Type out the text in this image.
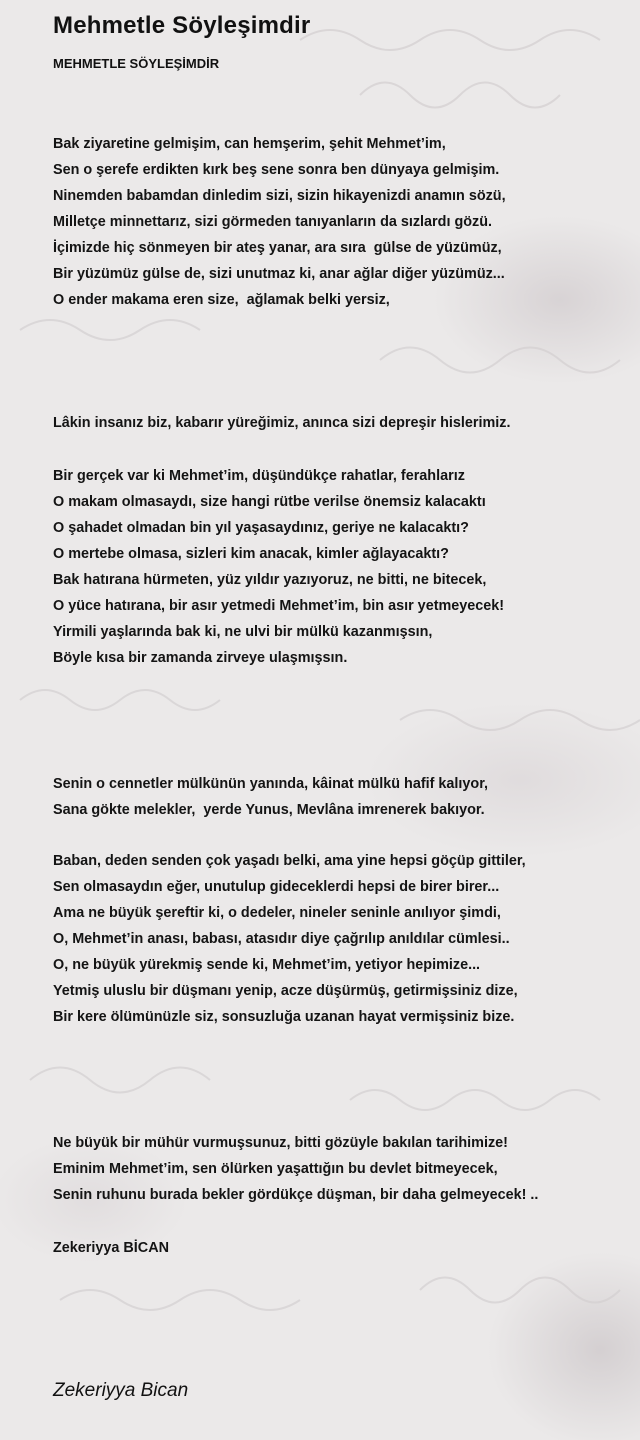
Mehmetle Söyleşimdir
MEHMETLE SÖYLEŞİMDİR
Bak ziyaretine gelmişim, can hemşerim, şehit Mehmet’im,
Sen o şerefe erdikten kırk beş sene sonra ben dünyaya gelmişim.
Ninemden babamdan dinledim sizi, sizin hikayenizdi anamın sözü,
Milletçe minnettarız, sizi görmeden tanıyanların da sızlardı gözü.
İçimizde hiç sönmeyen bir ateş yanar, ara sıra  gülse de yüzümüz,
Bir yüzümüz gülse de, sizi unutmaz ki, anar ağlar diğer yüzümüz...
O ender makama eren size,  ağlamak belki yersiz,
Lâkin insanız biz, kabarır yüreğimiz, anınca sizi depreşir hislerimiz.
Bir gerçek var ki Mehmet’im, düşündükçe rahatlar, ferahlarız
O makam olmasaydı, size hangi rütbe verilse önemsiz kalacaktı
O şahadet olmadan bin yıl yaşasaydınız, geriye ne kalacaktı?
O mertebe olmasa, sizleri kim anacak, kimler ağlayacaktı?
Bak hatırana hürmeten, yüz yıldır yazıyoruz, ne bitti, ne bitecek,
O yüce hatırana, bir asır yetmedi Mehmet’im, bin asır yetmeyecek!
Yirmili yaşlarında bak ki, ne ulvi bir mülkü kazanmışsın,
Böyle kısa bir zamanda zirveye ulaşmışsın.
Senin o cennetler mülkünün yanında, kâinat mülkü hafif kalıyor,
Sana gökte melekler,  yerde Yunus, Mevlâna imrenerek bakıyor.
Baban, deden senden çok yaşadı belki, ama yine hepsi göçüp gittiler,
Sen olmasaydın eğer, unutulup gideceklerdi hepsi de birer birer...
Ama ne büyük şereftir ki, o dedeler, nineler seninle anılıyor şimdi,
O, Mehmet’in anası, babası, atasıdır diye çağrılıp anıldılar cümlesi..
O, ne büyük yürekmiş sende ki, Mehmet’im, yetiyor hepimize...
Yetmiş uluslu bir düşmanı yenip, acze düşürmüş, getirmişsiniz dize,
Bir kere ölümünüzle siz, sonsuzluğa uzanan hayat vermişsiniz bize.
Ne büyük bir mühür vurmuşsunuz, bitti gözüyle bakılan tarihimize!
Eminim Mehmet’im, sen ölürken yaşattığın bu devlet bitmeyecek,
Senin ruhunu burada bekler gördükçe düşman, bir daha gelmeyecek! ..
Zekeriyya BİCAN
Zekeriyya Bican
